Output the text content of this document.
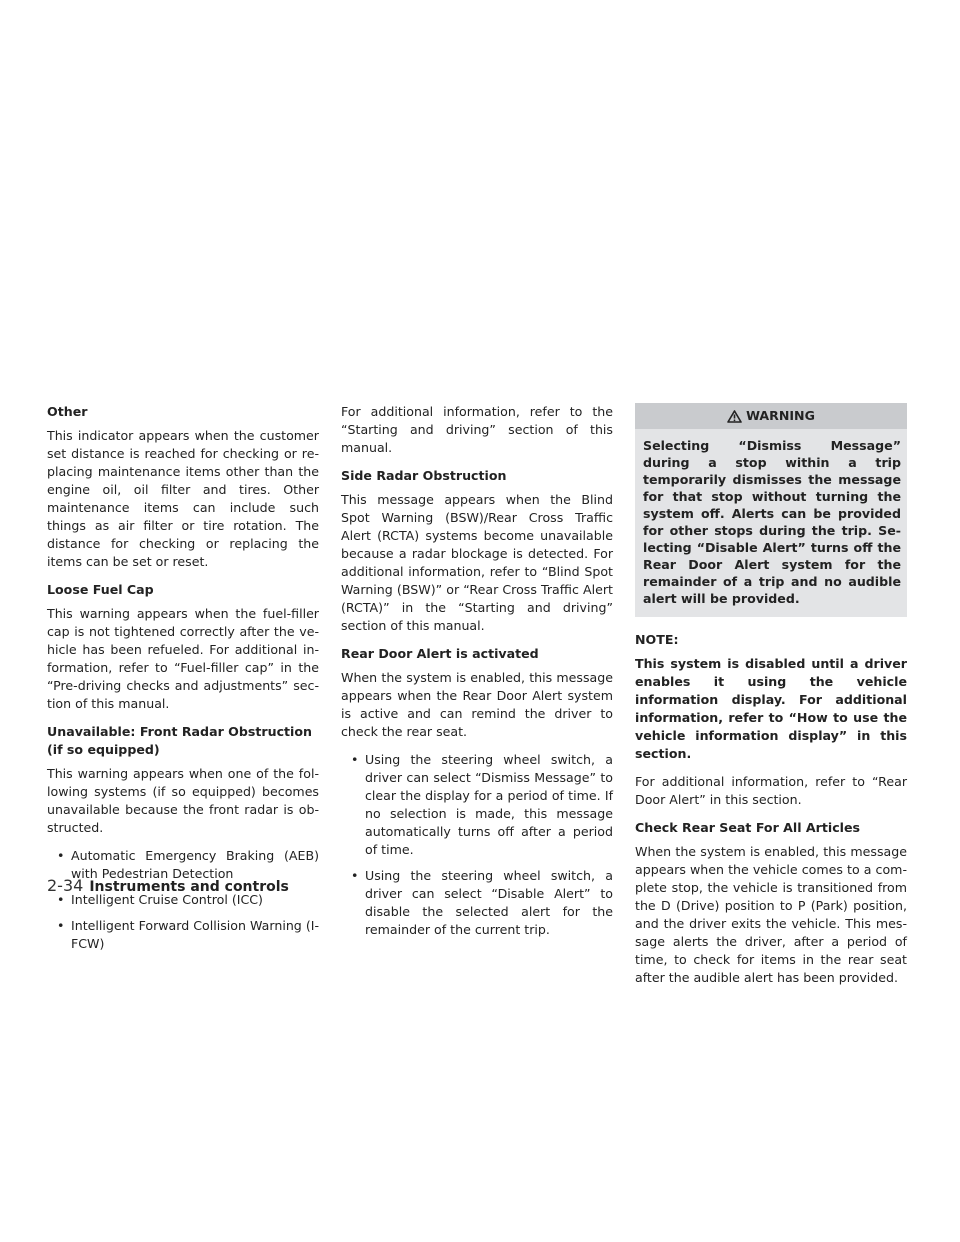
Other

This indicator appears when the customer set distance is reached for checking or replacing maintenance items other than the engine oil, oil filter and tires. Other maintenance items can include such things as air filter or tire rotation. The distance for checking or replacing the items can be set or reset.

Loose Fuel Cap

This warning appears when the fuel-filler cap is not tightened correctly after the vehicle has been refueled. For additional information, refer to “Fuel-filler cap” in the “Pre-driving checks and adjustments” section of this manual.

Unavailable: Front Radar Obstruction (if so equipped)

This warning appears when one of the following systems (if so equipped) becomes unavailable because the front radar is obstructed.

• Automatic Emergency Braking (AEB) with Pedestrian Detection
• Intelligent Cruise Control (ICC)
• Intelligent Forward Collision Warning (I-FCW)

For additional information, refer to the “Starting and driving” section of this manual.

Side Radar Obstruction

This message appears when the Blind Spot Warning (BSW)/Rear Cross Traffic Alert (RCTA) systems become unavailable because a radar blockage is detected. For additional information, refer to “Blind Spot Warning (BSW)” or “Rear Cross Traffic Alert (RCTA)” in the “Starting and driving” section of this manual.

Rear Door Alert is activated

When the system is enabled, this message appears when the Rear Door Alert system is active and can remind the driver to check the rear seat.

• Using the steering wheel switch, a driver can select “Dismiss Message” to clear the display for a period of time. If no selection is made, this message automatically turns off after a period of time.
• Using the steering wheel switch, a driver can select “Disable Alert” to disable the selected alert for the remainder of the current trip.
WARNING
Selecting “Dismiss Message” during a stop within a trip temporarily dismisses the message for that stop without turning the system off. Alerts can be provided for other stops during the trip. Selecting “Disable Alert” turns off the Rear Door Alert system for the remainder of a trip and no audible alert will be provided.

NOTE:

This system is disabled until a driver enables it using the vehicle information display. For additional information, refer to “How to use the vehicle information display” in this section.

For additional information, refer to “Rear Door Alert” in this section.

Check Rear Seat For All Articles

When the system is enabled, this message appears when the vehicle comes to a complete stop, the vehicle is transitioned from the D (Drive) position to P (Park) position, and the driver exits the vehicle. This message alerts the driver, after a period of time, to check for items in the rear seat after the audible alert has been provided.

2-34 Instruments and controls
